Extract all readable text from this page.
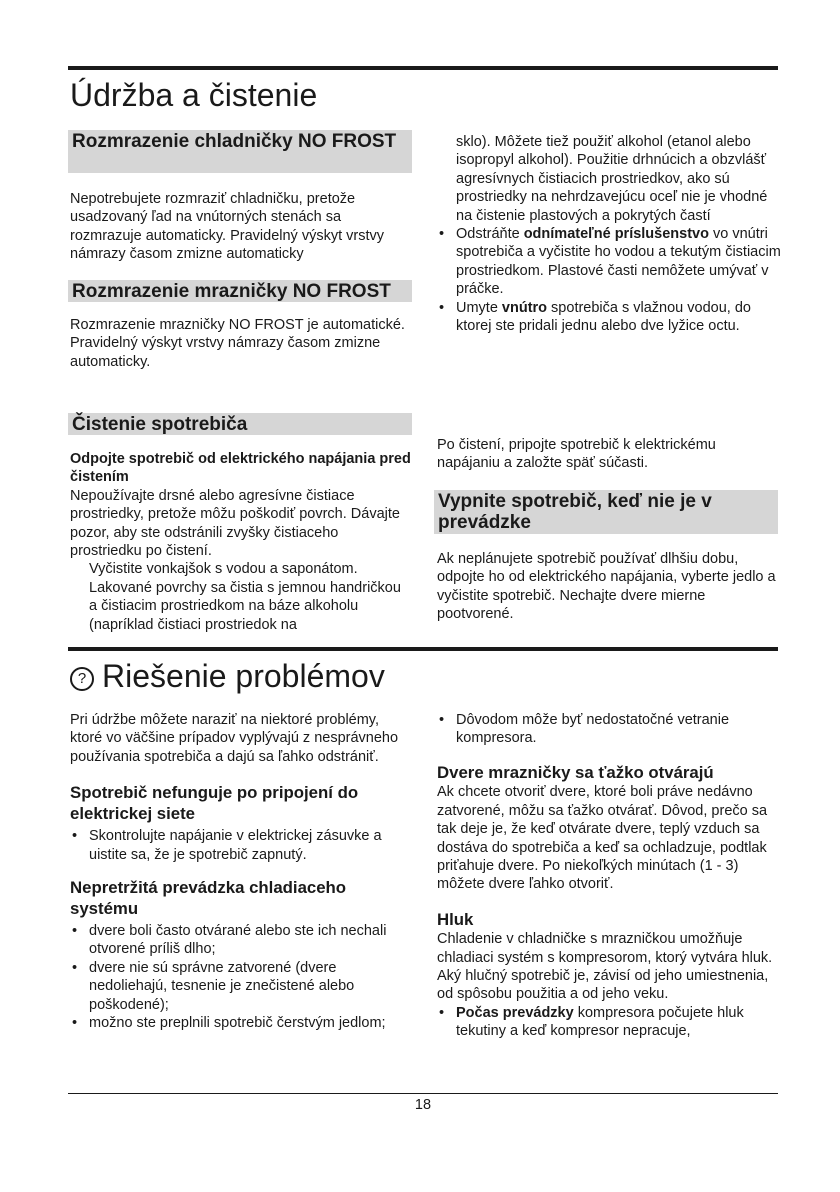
Údržba a čistenie
Rozmrazenie chladničky NO FROST

Nepotrebujete rozmraziť chladničku, pretože usadzovaný ľad na vnútorných stenách sa rozmrazuje automaticky. Pravidelný výskyt vrstvy námrazy časom zmizne automaticky

Rozmrazenie mrazničky NO FROST

Rozmrazenie mrazničky NO FROST je automatické. Pravidelný výskyt vrstvy námrazy časom zmizne automaticky.

Čistenie spotrebiča

Odpojte spotrebič od elektrického napájania pred čistením

Nepoužívajte drsné alebo agresívne čistiace prostriedky, pretože môžu poškodiť povrch. Dávajte pozor, aby ste odstránili zvyšky čistiaceho prostriedku po čistení.

Vyčistite vonkajšok s vodou a saponátom. Lakované povrchy sa čistia s jemnou handričkou a čistiacim prostriedkom na báze alkoholu (napríklad čistiaci prostriedok na

sklo). Môžete tiež použiť alkohol (etanol alebo isopropyl alkohol). Použitie drhnúcich a obzvlášť agresívnych čistiacich prostriedkov, ako sú prostriedky na nehrdzavejúcu oceľ nie je vhodné na čistenie plastových a pokrytých častí

• Odstráňte odnímateľné príslušenstvo vo vnútri spotrebiča a vyčistite ho vodou a tekutým čistiacim prostriedkom. Plastové časti nemôžete umývať v práčke.
• Umyte vnútro spotrebiča s vlažnou vodou, do ktorej ste pridali jednu alebo dve lyžice octu.

Po čistení, pripojte spotrebič k elektrickému napájaniu a založte späť súčasti.

Vypnite spotrebič, keď nie je v prevádzke

Ak neplánujete spotrebič používať dlhšiu dobu, odpojte ho od elektrického napájania, vyberte jedlo a vyčistite spotrebič. Nechajte dvere mierne pootvorené.

? Riešenie problémov

Pri údržbe môžete naraziť na niektoré problémy, ktoré vo väčšine prípadov vyplývajú z nesprávneho používania spotrebiča a dajú sa ľahko odstrániť.

Spotrebič nefunguje po pripojení do elektrickej siete

• Skontrolujte napájanie v elektrickej zásuvke a uistite sa, že je spotrebič zapnutý.

Nepretržitá prevádzka chladiaceho systému

• dvere boli často otvárané alebo ste ich nechali otvorené príliš dlho;
• dvere nie sú správne zatvorené (dvere nedoliehajú, tesnenie je znečistené alebo poškodené);
• možno ste preplnili spotrebič čerstvým jedlom;
• Dôvodom môže byť nedostatočné vetranie kompresora.

Dvere mrazničky sa ťažko otvárajú

Ak chcete otvoriť dvere, ktoré boli práve nedávno zatvorené, môžu sa ťažko otvárať. Dôvod, prečo sa tak deje je, že keď otvárate dvere, teplý vzduch sa dostáva do spotrebiča a keď sa ochladzuje, podtlak priťahuje dvere. Po niekoľkých minútach (1 - 3) môžete dvere ľahko otvoriť.

Hluk

Chladenie v chladničke s mrazničkou umožňuje chladiaci systém s kompresorom, ktorý vytvára hluk. Aký hlučný spotrebič je, závisí od jeho umiestnenia, od spôsobu použitia a od jeho veku.

• Počas prevádzky kompresora počujete hluk tekutiny a keď kompresor nepracuje,
18
